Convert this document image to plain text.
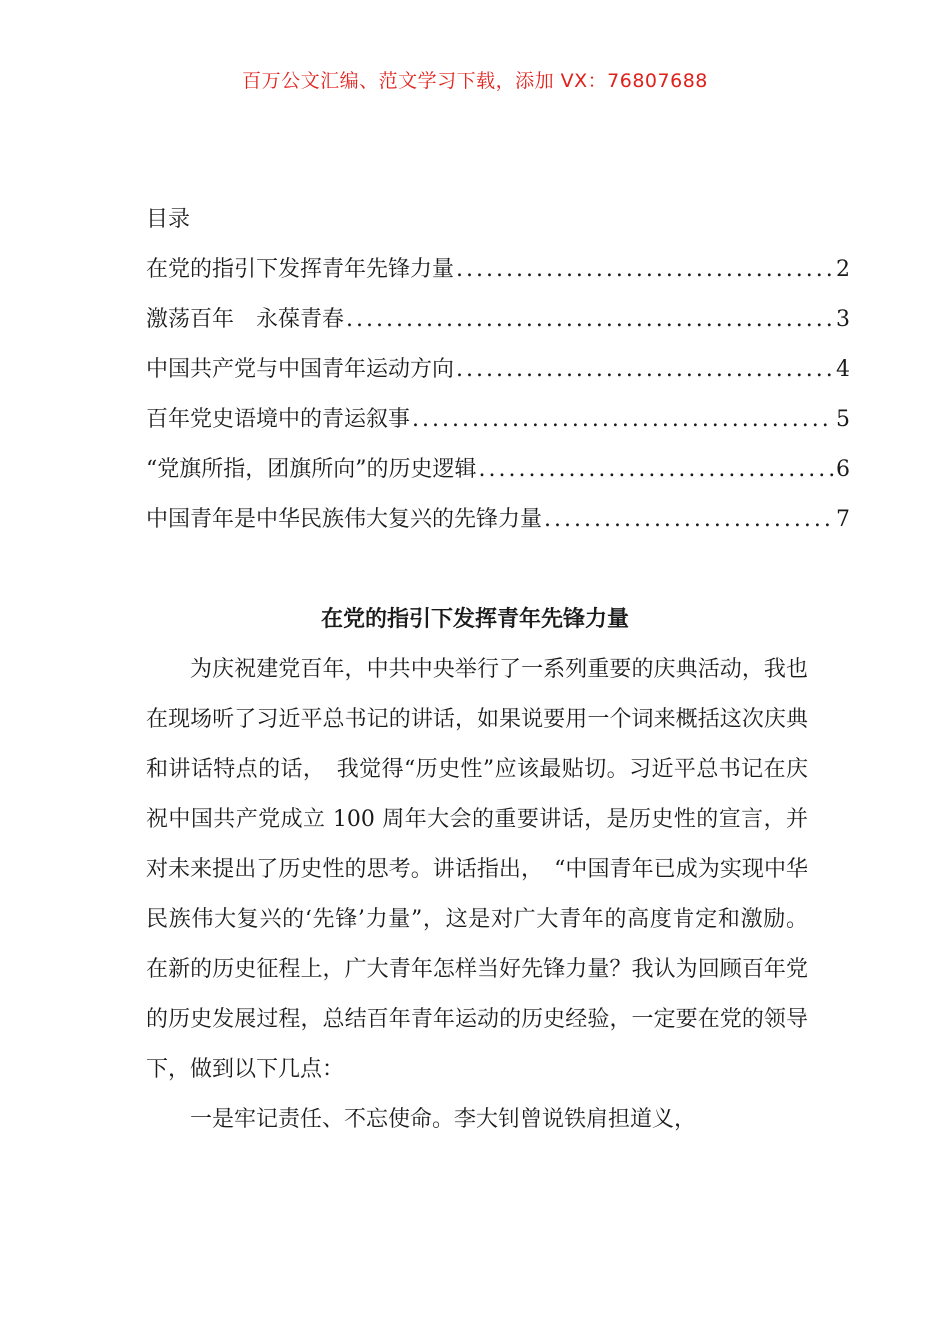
百万公文汇编、范文学习下载，添加 VX：76807688
目录
在党的指引下发挥青年先锋力量 .....	2
激荡百年　永葆青春 .....	3
中国共产党与中国青年运动方向 .....	4
百年党史语境中的青运叙事 .....	5
“党旗所指，团旗所向”的历史逻辑 .....	6
中国青年是中华民族伟大复兴的先锋力量 .....	7
在党的指引下发挥青年先锋力量

为庆祝建党百年，中共中央举行了一系列重要的庆典活动，我也在现场听了习近平总书记的讲话，如果说要用一个词来概括这次庆典和讲话特点的话，　我觉得“历史性”应该最贴切。习近平总书记在庆祝中国共产党成立 100 周年大会的重要讲话，是历史性的宣言，并对未来提出了历史性的思考。讲话指出，　“中国青年已成为实现中华民族伟大复兴的‘先锋’力量”，这是对广大青年的高度肯定和激励。在新的历史征程上，广大青年怎样当好先锋力量？我认为回顾百年党的历史发展过程，总结百年青年运动的历史经验，一定要在党的领导下，做到以下几点：

一是牢记责任、不忘使命。李大钊曾说铁肩担道义，
